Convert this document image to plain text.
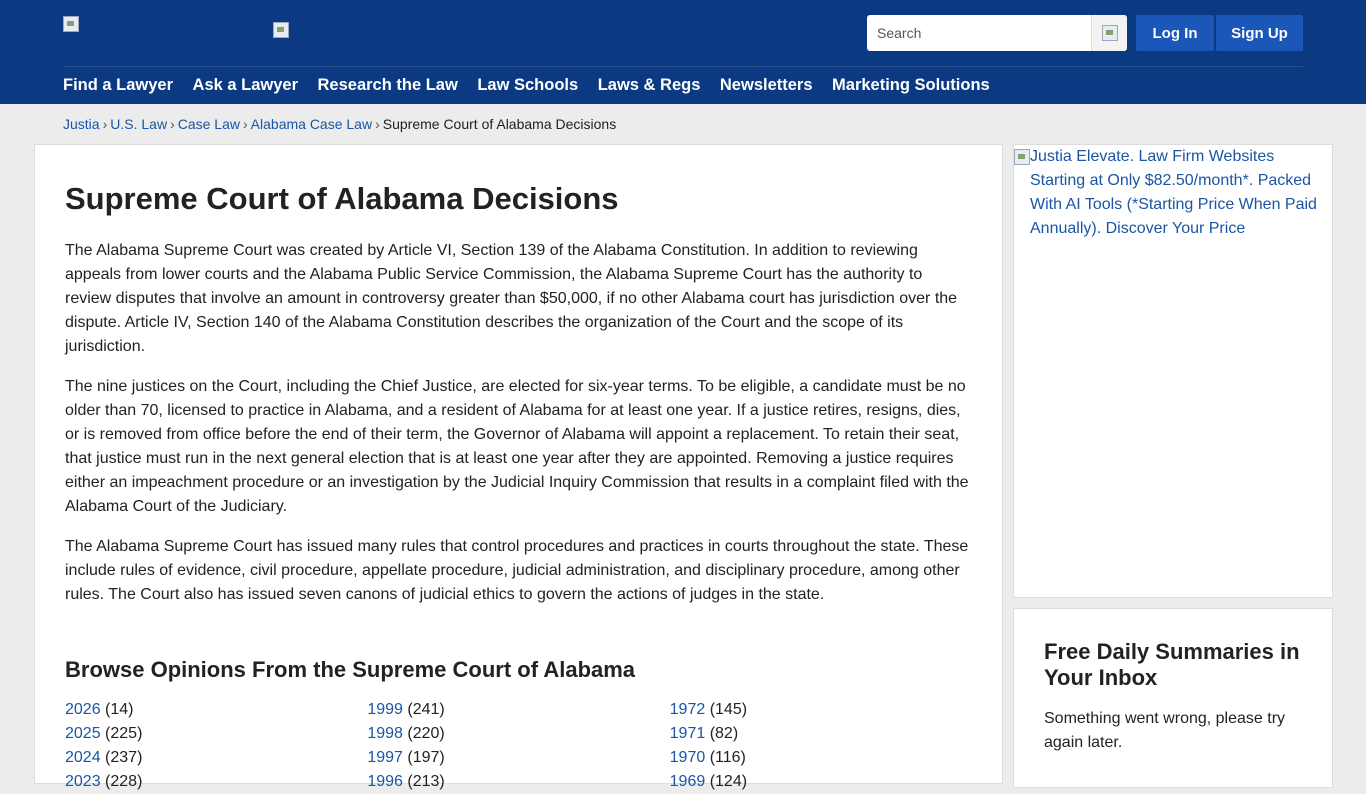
Search
Log In	Sign Up
Find a Lawyer Ask a Lawyer Research the Law Law Schools Laws & Regs Newsletters Marketing Solutions
Justia › U.S. Law › Case Law › Alabama Case Law › Supreme Court of Alabama Decisions
Supreme Court of Alabama Decisions

The Alabama Supreme Court was created by Article VI, Section 139 of the Alabama Constitution. In addition to reviewing appeals from lower courts and the Alabama Public Service Commission, the Alabama Supreme Court has the authority to review disputes that involve an amount in controversy greater than $50,000, if no other Alabama court has jurisdiction over the dispute. Article IV, Section 140 of the Alabama Constitution describes the organization of the Court and the scope of its jurisdiction.

The nine justices on the Court, including the Chief Justice, are elected for six-year terms. To be eligible, a candidate must be no older than 70, licensed to practice in Alabama, and a resident of Alabama for at least one year. If a justice retires, resigns, dies, or is removed from office before the end of their term, the Governor of Alabama will appoint a replacement. To retain their seat, that justice must run in the next general election that is at least one year after they are appointed. Removing a justice requires either an impeachment procedure or an investigation by the Judicial Inquiry Commission that results in a complaint filed with the Alabama Court of the Judiciary.

The Alabama Supreme Court has issued many rules that control procedures and practices in courts throughout the state. These include rules of evidence, civil procedure, appellate procedure, judicial administration, and disciplinary procedure, among other rules. The Court also has issued seven canons of judicial ethics to govern the actions of judges in the state.

Browse Opinions From the Supreme Court of Alabama
2026 (14)
2025 (225)
2024 (237)
2023 (228)
1999 (241)
1998 (220)
1997 (197)
1996 (213)
1972 (145)
1971 (82)
1970 (116)
1969 (124)
Justia Elevate. Law Firm Websites Starting at Only $82.50/month*. Packed With AI Tools (*Starting Price When Paid Annually). Discover Your Price
Free Daily Summaries in Your Inbox

Something went wrong, please try again later.
